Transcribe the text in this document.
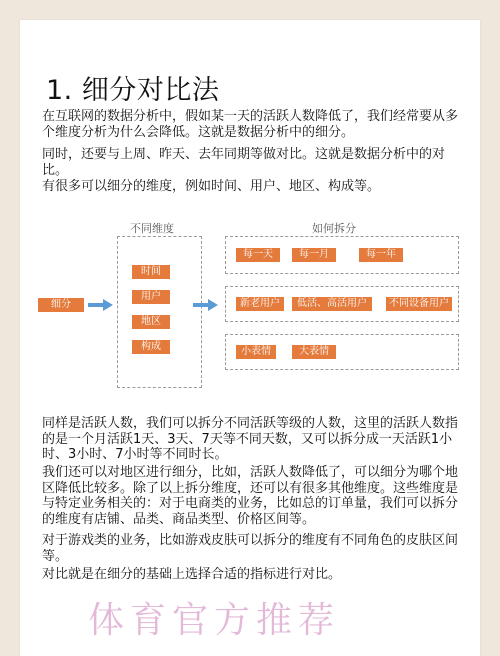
1. 细分对比法

在互联网的数据分析中，假如某一天的活跃人数降低了，我们经常要从多个维度分析为什么会降低。这就是数据分析中的细分。

同时，还要与上周、昨天、去年同期等做对比。这就是数据分析中的对比。

有很多可以细分的维度，例如时间、用户、地区、构成等。

细分
不同维度
时间
用户
地区
构成
如何拆分
每一天	每一月	每一年
新老用户	低活、高活用户	不同设备用户
小表情	大表情

同样是活跃人数，我们可以拆分不同活跃等级的人数，这里的活跃人数指的是一个月活跃1天、3天、7天等不同天数，又可以拆分成一天活跃1小时、3小时、7小时等不同时长。

我们还可以对地区进行细分，比如，活跃人数降低了，可以细分为哪个地区降低比较多。除了以上拆分维度，还可以有很多其他维度。这些维度是与特定业务相关的：对于电商类的业务，比如总的订单量，我们可以拆分的维度有店铺、品类、商品类型、价格区间等。

对于游戏类的业务，比如游戏皮肤可以拆分的维度有不同角色的皮肤区间等。

对比就是在细分的基础上选择合适的指标进行对比。

体育官方推荐
